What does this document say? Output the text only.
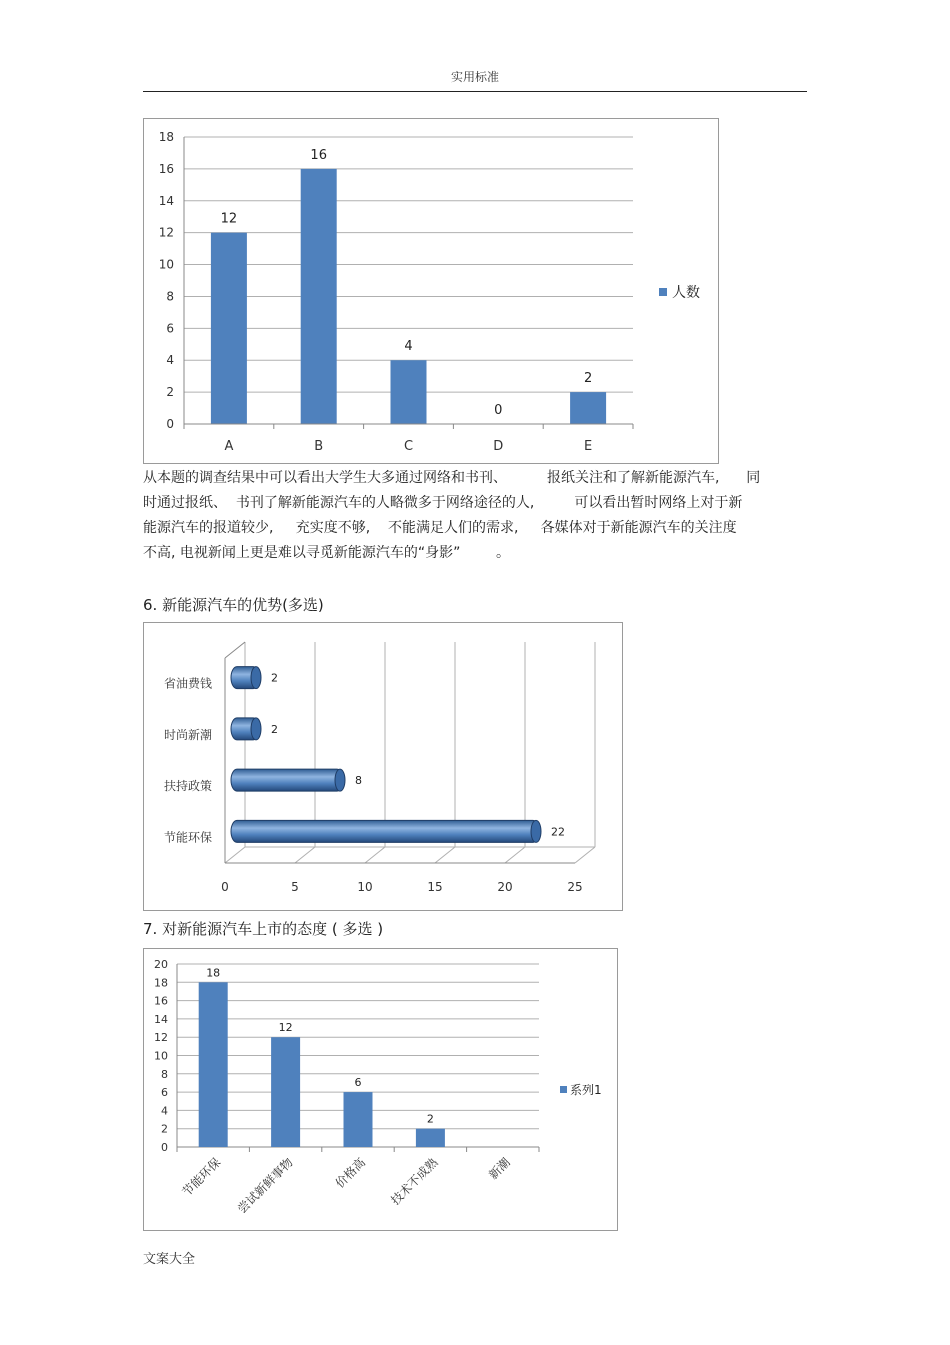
实用标准
0
2
4
6
8
10
12
14
16
18
12
A
16
B
4
C
0
D
2
E
人数
从本题的调查结果中可以看出大学生大多通过网络和书刊、         报纸关注和了解新能源汽车,      同
时通过报纸、  书刊了解新能源汽车的人略微多于网络途径的人,         可以看出暂时网络上对于新
能源汽车的报道较少,     充实度不够,    不能满足人们的需求,     各媒体对于新能源汽车的关注度
不高, 电视新闻上更是难以寻觅新能源汽车的“身影”        。
6. 新能源汽车的优势(多选)
0	5	10	15	20	25
2
省油费钱
2
时尚新潮
8
扶持政策
22
节能环保
7. 对新能源汽车上市的态度 ( 多选 )
0
2
4
6
8
10
12
14
16
18
20
18
节能环保
12
尝试新鲜事物
6
价格高
2
技术不成熟	新潮
系列1
文案大全
